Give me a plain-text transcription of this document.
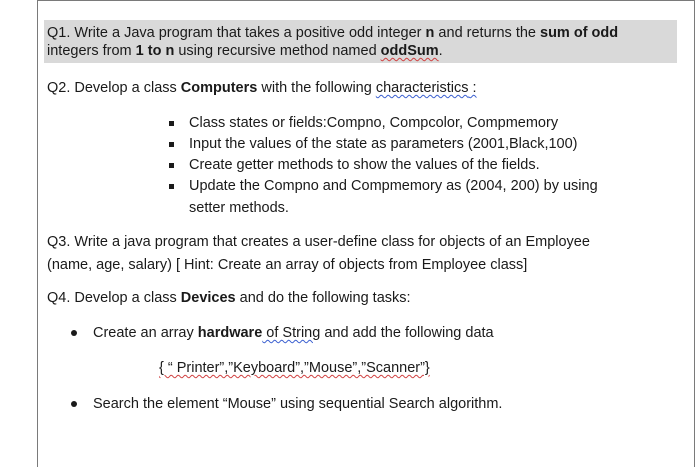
Q1. Write a Java program that takes a positive odd integer n and returns the sum of odd
integers from 1 to n using recursive method named oddSum.
Q2. Develop a class Computers with the following characteristics :
Class states or fields:Compno, Compcolor, Compmemory
Input the values of the state as parameters (2001,Black,100)
Create getter methods to show the values of the fields.
Update the Compno and Compmemory as (2004, 200) by using
setter methods.
Q3. Write a java program that creates a user-define class for objects of an Employee
(name, age, salary) [ Hint: Create an array of objects from Employee class]
Q4. Develop a class Devices and do the following tasks:
Create an array hardware of String and add the following data
{ “ Printer”,”Keyboard”,”Mouse”,”Scanner”}
Search the element “Mouse” using sequential Search algorithm.
